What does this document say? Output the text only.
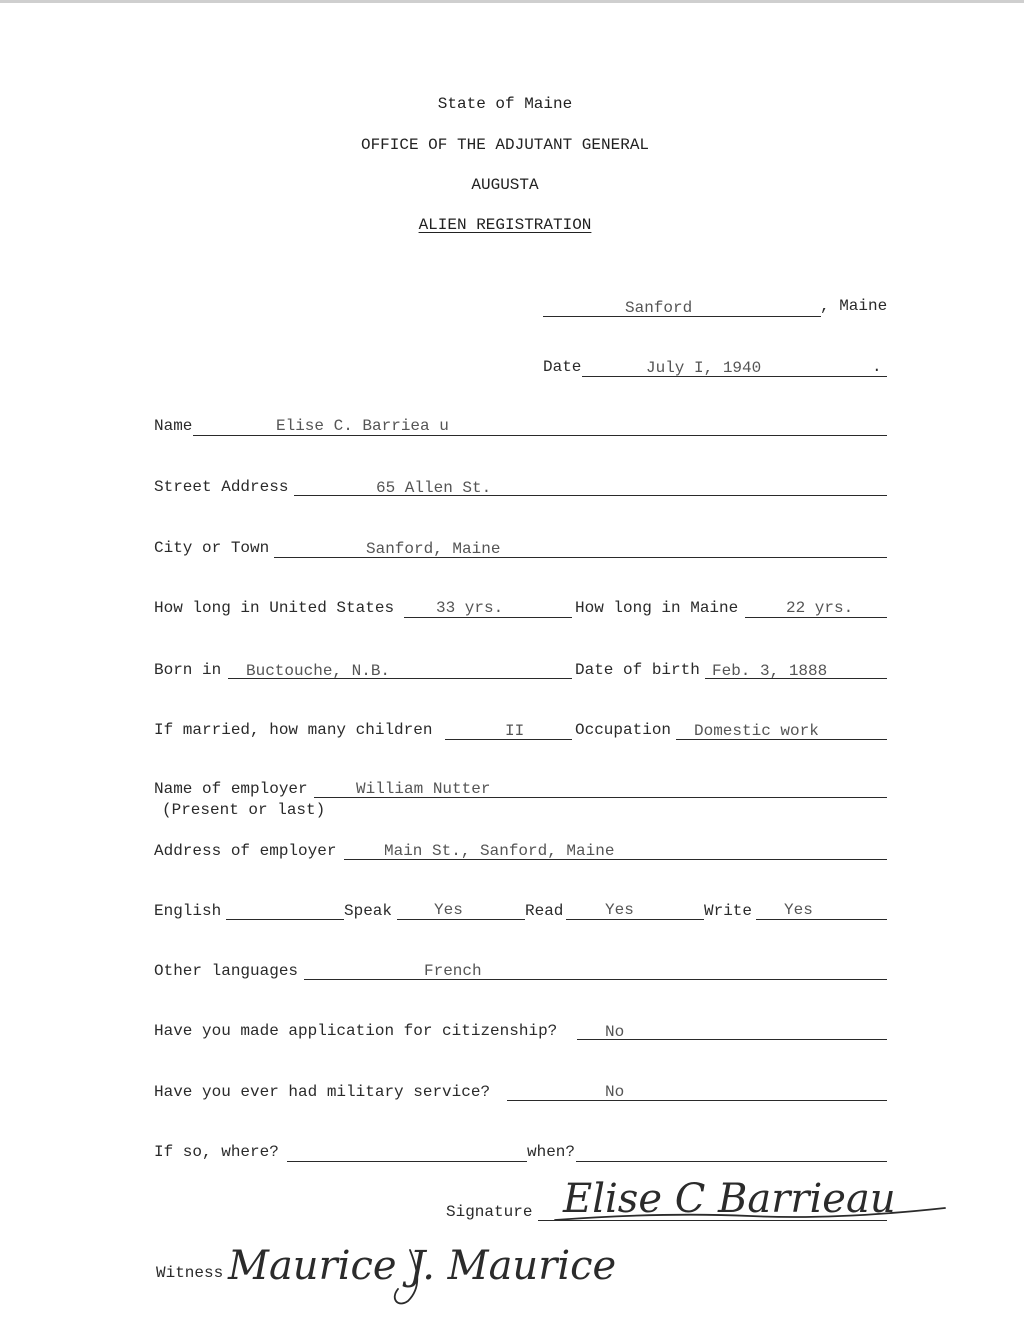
State of Maine
OFFICE OF THE ADJUTANT GENERAL
AUGUSTA
ALIEN REGISTRATION
Sanford	, Maine
Date	July I, 1940	.
Name	Elise C. Barriea u
Street Address	65 Allen St.
City or Town	Sanford, Maine
How long in United States	33 yrs.	How long in Maine	22 yrs.
Born in Buctouche, N.B.	Date of birth Feb. 3, 1888
If married, how many children	II	Occupation Domestic work
Name of employer
(Present or last)
William Nutter
Address of employer	Main St., Sanford, Maine
English	Speak	Yes	Read	Yes	Write Yes
Other languages	French
Have you made application for citizenship?	No
Have you ever had military service?	No
If so, where?	when?
Signature Elise C Barrieau
Witness Maurice J. Maurice
